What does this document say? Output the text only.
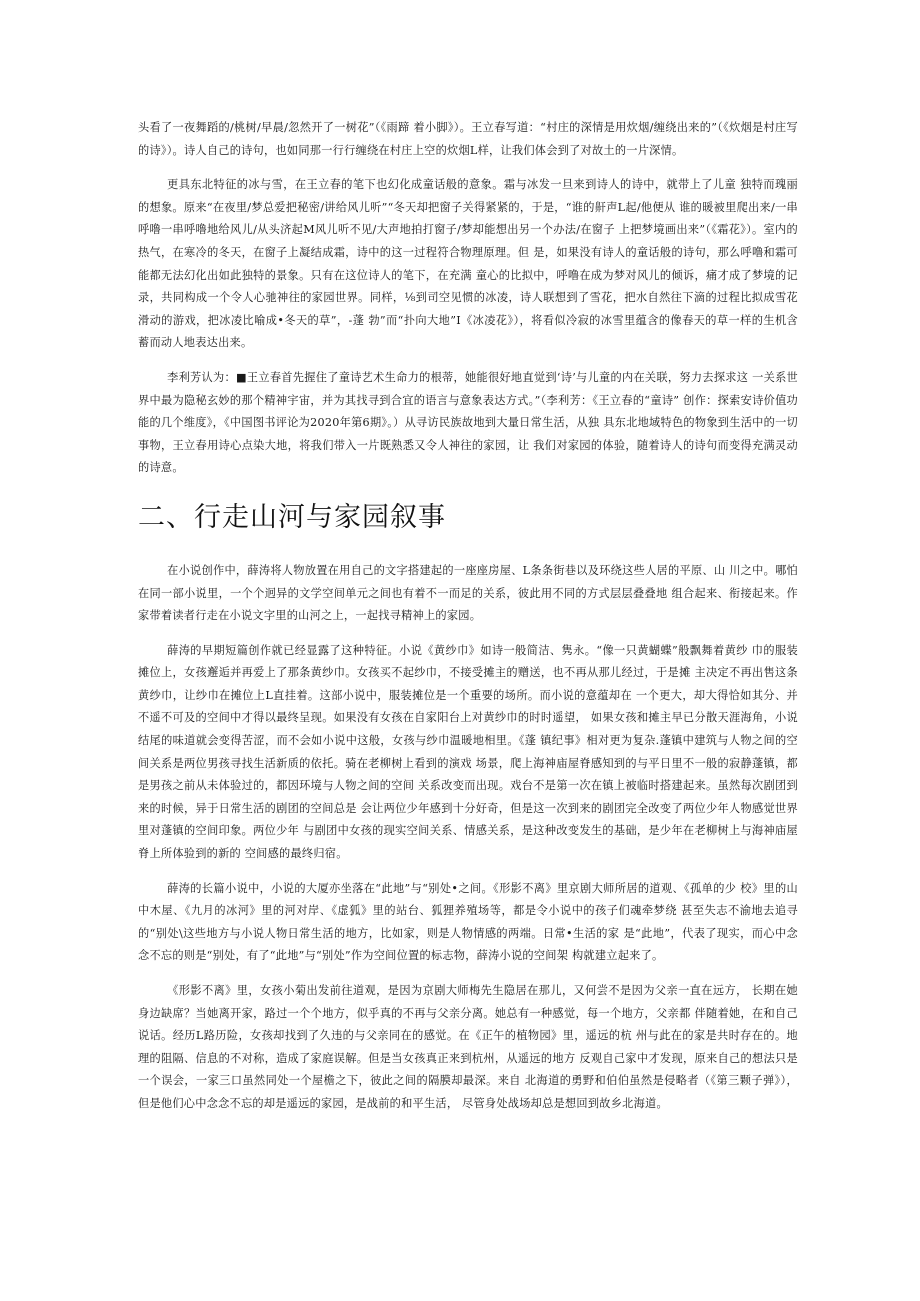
头看了一夜舞蹈的/桃树/早晨/忽然开了一树花”（《雨蹄 着小脚》）。王立春写道：“村庄的深情是用炊烟/缠绕出来的”（《炊烟是村庄写的诗》）。诗人自己的诗句，也如同那一行行缠绕在村庄上空的炊烟L样，让我们体会到了对故土的一片深情。

更具东北特征的冰与雪，在王立春的笔下也幻化成童话般的意象。霜与冰发一旦来到诗人的诗中，就带上了儿童 独特而瑰丽的想象。原来“在夜里/梦总爱把秘密/讲给风儿听”“冬天却把窗子关得紧紧的，于是，“谁的鼾声L起/他便从 谁的暖被里爬出来/一串呼噜一串呼噜地给风儿/从头济起M风儿听不见/大声地拍打窗子/梦却能想出另一个办法/在窗子 上把梦境画出来”（《霜花》）。室内的热气，在寒冷的冬天，在窗子上凝结成霜，诗中的这一过程符合物理原理。但 是，如果没有诗人的童话般的诗句，那么呼噜和霜可能都无法幻化出如此独特的景象。只有在这位诗人的笔下，在充满 童心的比拟中，呼噜在成为梦对风儿的倾诉，痛才成了梦境的记录，共同构成一个令人心驰神往的家园世界。同样，⅛到司空见惯的冰凌，诗人联想到了雪花，把水自然往下滴的过程比拟成雪花滑动的游戏，把冰凌比喻成•冬天的草”，-蓬 勃”而“扑向大地”I《冰凌花》），将看似冷寂的冰雪里蕴含的像春天的草一样的生机含蓄而动人地表达出来。

李利芳认为：■王立春首先握住了童诗艺术生命力的根蒂，她能很好地直觉到‘诗’与儿童的内在关联，努力去探求这 一关系世界中最为隐秘玄妙的那个精神宇宙，并为其找寻到合宜的语言与意象表达方式。”（李利芳：《王立春的“童诗” 创作：探索安诗价值功能的几个维度》，《中国图书评论为2020年第6期》。）从寻访民族故地到大量日常生活，从独 具东北地域特色的物象到生活中的一切事物，王立春用诗心点染大地，将我们带入一片既熟悉又令人神往的家园，让 我们对家园的体验，随着诗人的诗句而变得充满灵动的诗意。

二、行走山河与家园叙事

在小说创作中，薛涛将人物放置在用自己的文字搭建起的一座座房屋、L条条街巷以及环绕这些人居的平原、山 川之中。哪怕在同一部小说里，一个个迥异的文学空间单元之间也有着不一而足的关系，彼此用不同的方式层层叠叠地 组合起来、衔接起来。作家带着读者行走在小说文字里的山河之上，一起找寻精神上的家园。

薛涛的早期短篇创作就已经显露了这种特征。小说《黄纱巾》如诗一般简洁、隽永。“像一只黄蝴蝶”般飘舞着黄纱 巾的服装摊位上，女孩邂逅并再爱上了那条黄纱巾。女孩买不起纱巾，不接受摊主的赠送，也不再从那儿经过，于是摊 主决定不再出售这条黄纱巾，让纱巾在摊位上L直挂着。这部小说中，服装摊位是一个重要的场所。而小说的意蕴却在 一个更大，却大得恰如其分、并不遥不可及的空间中才得以最终呈现。如果没有女孩在自家阳台上对黄纱巾的时时遥望， 如果女孩和摊主早已分散天涯海角，小说结尾的味道就会变得苦涩，而不会如小说中这般，女孩与纱巾温暖地相里。《蓬 镇纪事》相对更为复杂.蓬镇中建筑与人物之间的空间关系是两位男孩寻找生活新质的依托。骑在老柳树上看到的演戏 场景，爬上海神庙屋脊感知到的与平日里不一般的寂静蓬镇，都是男孩之前从未体验过的，都因环境与人物之间的空间 关系改变而出现。戏台不是第一次在镇上被临时搭建起来。虽然每次剧团到来的时候，异于日常生活的剧团的空间总是 会让两位少年感到十分好奇，但是这一次到来的剧团完全改变了两位少年人物感觉世界里对蓬镇的空间印象。两位少年 与剧团中女孩的现实空间关系、情感关系，是这种改变发生的基础，是少年在老柳树上与海神庙屋脊上所体验到的新的 空间感的最终归宿。

薛涛的长篇小说中，小说的大厦亦坐落在“此地”与“别处•之间。《形影不离》里京剧大师所居的道观、《孤单的少 校》里的山中木屋、《九月的冰河》里的河对岸、《虚狐》里的站台、狐狸养殖场等，都是令小说中的孩子们魂牵梦绕 甚至失志不渝地去追寻的“别处\这些地方与小说人物日常生活的地方，比如家，则是人物情感的两端。日常•生活的家 是“此地”，代表了现实，而心中念念不忘的则是“别处，有了“此地”与“别处”作为空间位置的标志物，薛涛小说的空间架 构就建立起来了。

《形影不离》里，女孩小菊出发前往道观，是因为京剧大师梅先生隐居在那儿，又何尝不是因为父亲一直在远方， 长期在她身边缺席？当她离开家，路过一个个地方，似乎真的不再与父亲分离。她总有一种感觉，每一个地方，父亲都 伴随着她，在和自己说话。经历L路历险，女孩却找到了久违的与父亲同在的感觉。在《正午的植物园》里，遥远的杭 州与此在的家是共时存在的。地理的阻隔、信息的不对称，造成了家庭误解。但是当女孩真正来到杭州，从遥远的地方 反观自己家中才发现，原来自己的想法只是一个误会，一家三口虽然同处一个屋檐之下，彼此之间的隔膜却最深。来自 北海道的勇野和伯伯虽然是侵略者（《第三颗子弹》），但是他们心中念念不忘的却是遥远的家园，是战前的和平生活， 尽管身处战场却总是想回到故乡北海道。
